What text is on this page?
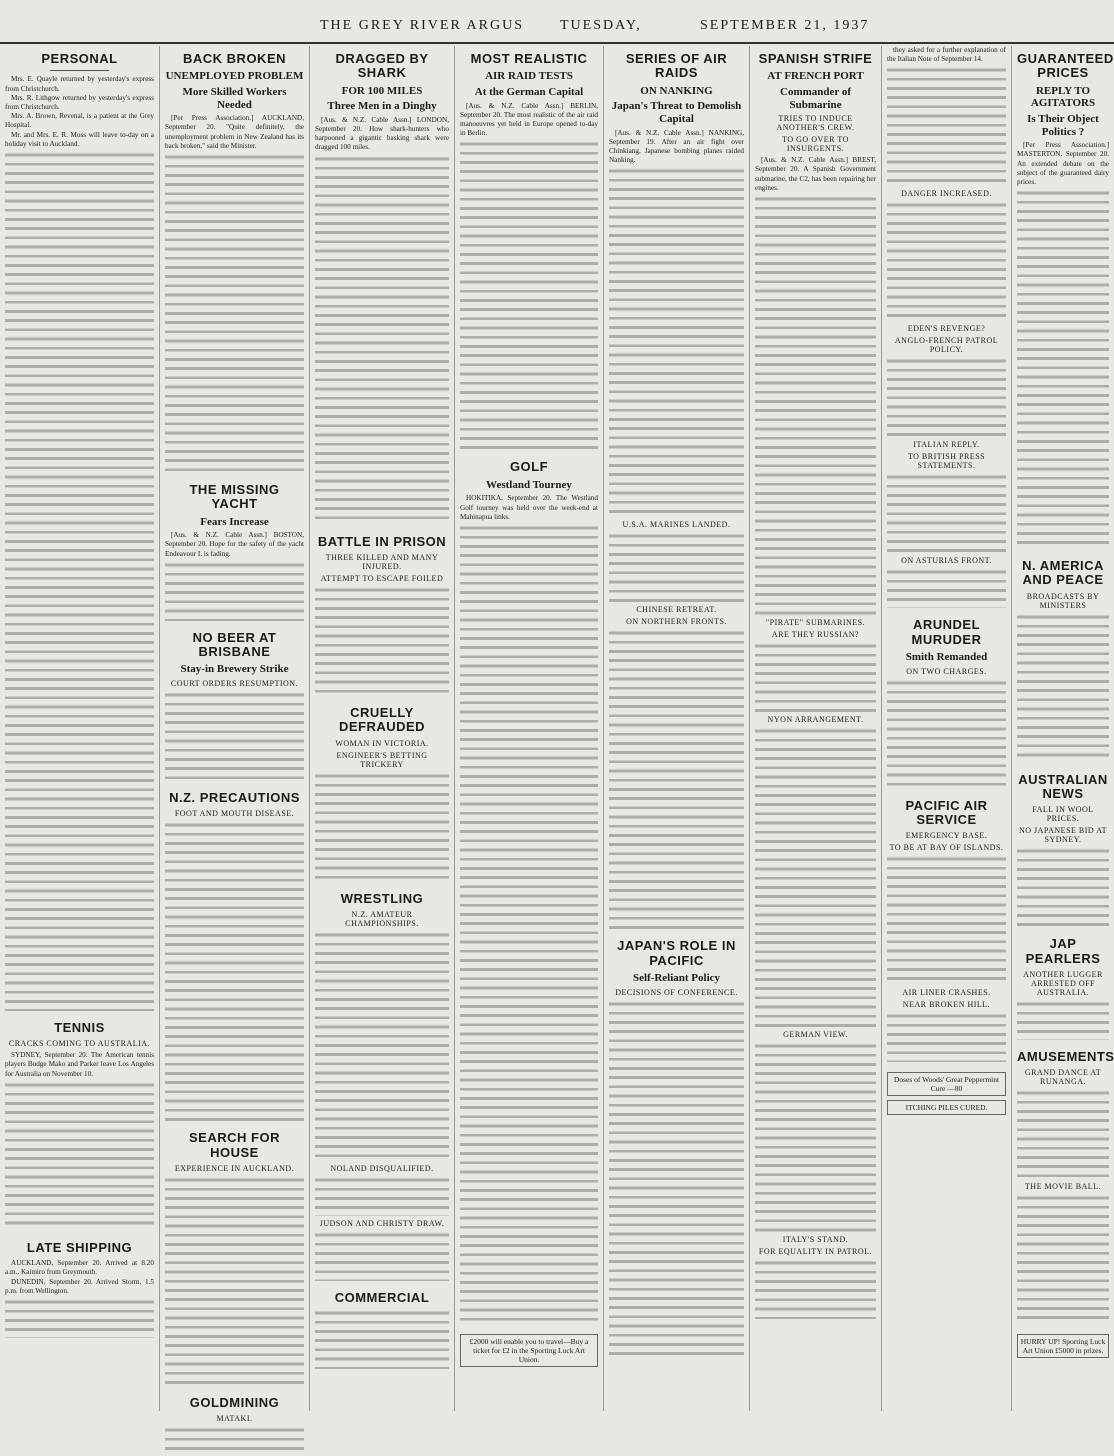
THE GREY RIVER ARGUS	TUESDAY,	SEPTEMBER 21, 1937
PERSONAL

Mrs. E. Quayle returned by yesterday's express from Christchurch.

Mrs. R. Lithgow returned by yesterday's express from Christchurch.

Mrs. A. Brown, Revenal, is a patient at the Grey Hospital.

Mr. and Mrs. E. R. Moss will leave to-day on a holiday visit to Auckland.

TENNIS
CRACKS COMING TO AUSTRALIA.

SYDNEY, September 20. The American tennis players Budge Mako and Parker leave Los Angeles for Australia on November 10.

LATE SHIPPING

AUCKLAND, September 20. Arrived at 8.20 a.m., Kaimiro from Greymouth.

DUNEDIN, September 20. Arrived Storm, 1.5 p.m. from Wellington.

BACK BROKEN
UNEMPLOYED PROBLEM
More Skilled Workers Needed

[Per Press Association.] AUCKLAND, September 20. "Quite definitely, the unemployment problem in New Zealand has its back broken," said the Minister.

THE MISSING YACHT
Fears Increase

[Aus. & N.Z. Cable Assn.] BOSTON, September 20. Hope for the safety of the yacht Endeavour I. is fading.

NO BEER AT BRISBANE
Stay-in Brewery Strike
COURT ORDERS RESUMPTION.
N.Z. PRECAUTIONS
FOOT AND MOUTH DISEASE.
SEARCH FOR HOUSE
EXPERIENCE IN AUCKLAND.
GOLDMINING
MATAKI.
DRAGGED BY SHARK
FOR 100 MILES
Three Men in a Dinghy

[Aus. & N.Z. Cable Assn.] LONDON, September 20. How shark-hunters who harpooned a gigantic basking shark were dragged 100 miles.

BATTLE IN PRISON
THREE KILLED AND MANY INJURED.
ATTEMPT TO ESCAPE FOILED
CRUELLY DEFRAUDED
WOMAN IN VICTORIA.
ENGINEER'S BETTING TRICKERY
WRESTLING
N.Z. AMATEUR CHAMPIONSHIPS.
NOLAND DISQUALIFIED.
JUDSON AND CHRISTY DRAW.
COMMERCIAL
MOST REALISTIC
AIR RAID TESTS
At the German Capital

[Aus. & N.Z. Cable Assn.] BERLIN, September 20. The most realistic of the air raid manoeuvres yet held in Europe opened to-day in Berlin.

GOLF
Westland Tourney

HOKITIKA, September 20. The Westland Golf tourney was held over the week-end at Mahinapua links.

£2000 will enable you to travel—Buy a ticket for £2 in the Sporting Luck Art Union.
SERIES OF AIR RAIDS
ON NANKING
Japan's Threat to Demolish Capital

[Aus. & N.Z. Cable Assn.] NANKING, September 19. After an air fight over Chinkiang, Japanese bombing planes raided Nanking.

U.S.A. MARINES LANDED.
CHINESE RETREAT.
ON NORTHERN FRONTS.
JAPAN'S ROLE IN PACIFIC
Self-Reliant Policy
DECISIONS OF CONFERENCE.
SPANISH STRIFE
AT FRENCH PORT
Commander of Submarine
TRIES TO INDUCE ANOTHER'S CREW.
TO GO OVER TO INSURGENTS.

[Aus. & N.Z. Cable Assn.] BREST, September 20. A Spanish Government submarine, the C2, has been repairing her engines.

"PIRATE" SUBMARINES.
ARE THEY RUSSIAN?
NYON ARRANGEMENT.
GERMAN VIEW.
ITALY'S STAND.
FOR EQUALITY IN PATROL.

they asked for a further explanation of the Italian Note of September 14.

DANGER INCREASED.
EDEN'S REVENGE?
ANGLO-FRENCH PATROL POLICY.
ITALIAN REPLY.
TO BRITISH PRESS STATEMENTS.
ON ASTURIAS FRONT.
ARUNDEL MURUDER
Smith Remanded
ON TWO CHARGES.
PACIFIC AIR SERVICE
EMERGENCY BASE.
TO BE AT BAY OF ISLANDS.
AIR LINER CRASHES.
NEAR BROKEN HILL.
Doses of Woods' Great Peppermint Cure —80
ITCHING PILES CURED.
GUARANTEED PRICES
REPLY TO AGITATORS
Is Their Object Politics ?

[Per Press Association.] MASTERTON, September 20. An extended debate on the subject of the guaranteed dairy prices.

N. AMERICA AND PEACE
BROADCASTS BY MINISTERS
AUSTRALIAN NEWS
FALL IN WOOL PRICES.
NO JAPANESE BID AT SYDNEY.
JAP PEARLERS
ANOTHER LUGGER ARRESTED OFF AUSTRALIA.
AMUSEMENTS
GRAND DANCE AT RUNANGA.
THE MOVIE BALL.
HURRY UP! Sporting Luck Art Union £5000 in prizes.
